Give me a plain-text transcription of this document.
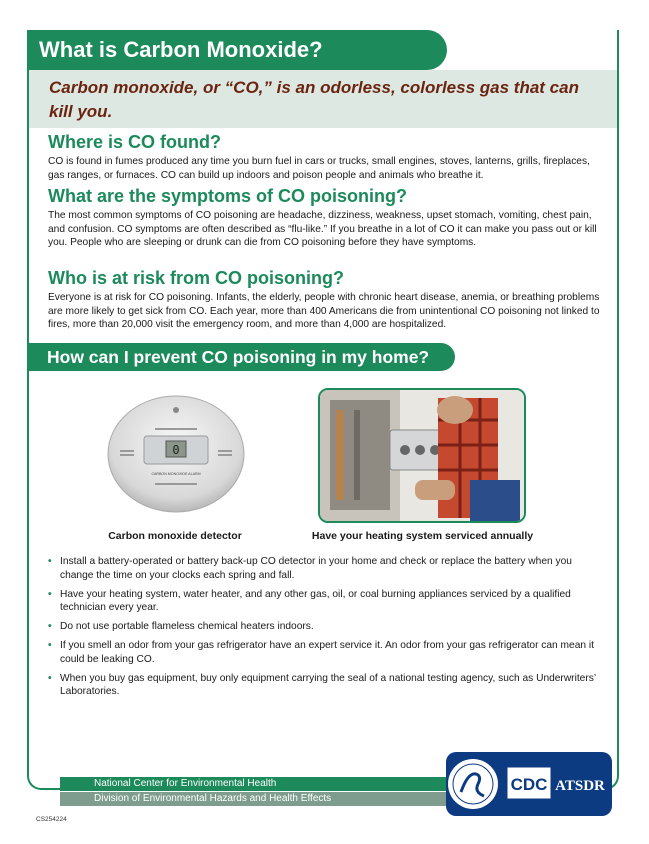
What is Carbon Monoxide?

Carbon monoxide, or “CO,” is an odorless, colorless gas that can kill you.

Where is CO found?

CO is found in fumes produced any time you burn fuel in cars or trucks, small engines, stoves, lanterns, grills, fireplaces, gas ranges, or furnaces. CO can build up indoors and poison people and animals who breathe it.

What are the symptoms of CO poisoning?

The most common symptoms of CO poisoning are headache, dizziness, weakness, upset stomach, vomiting, chest pain, and confusion. CO symptoms are often described as “flu-like.” If you breathe in a lot of CO it can make you pass out or kill you. People who are sleeping or drunk can die from CO poisoning before they have symptoms.

Who is at risk from CO poisoning?

Everyone is at risk for CO poisoning. Infants, the elderly, people with chronic heart disease, anemia, or breathing problems are more likely to get sick from CO. Each year, more than 400 Americans die from unintentional CO poisoning not linked to fires, more than 20,000 visit the emergency room, and more than 4,000 are hospitalized.

How can I prevent CO poisoning in my home?
0
CARBON MONOXIDE ALARM
Carbon monoxide detector	Have your heating system serviced annually
• Install a battery-operated or battery back-up CO detector in your home and check or replace the battery when you change the time on your clocks each spring and fall.
• Have your heating system, water heater, and any other gas, oil, or coal burning appliances serviced by a qualified technician every year.
• Do not use portable flameless chemical heaters indoors.
• If you smell an odor from your gas refrigerator have an expert service it. An odor from your gas refrigerator can mean it could be leaking CO.
• When you buy gas equipment, buy only equipment carrying the seal of a national testing agency, such as Underwriters’ Laboratories.
National Center for Environmental Health
Division of Environmental Hazards and Health Effects
CDC ATSDR
CS254224
